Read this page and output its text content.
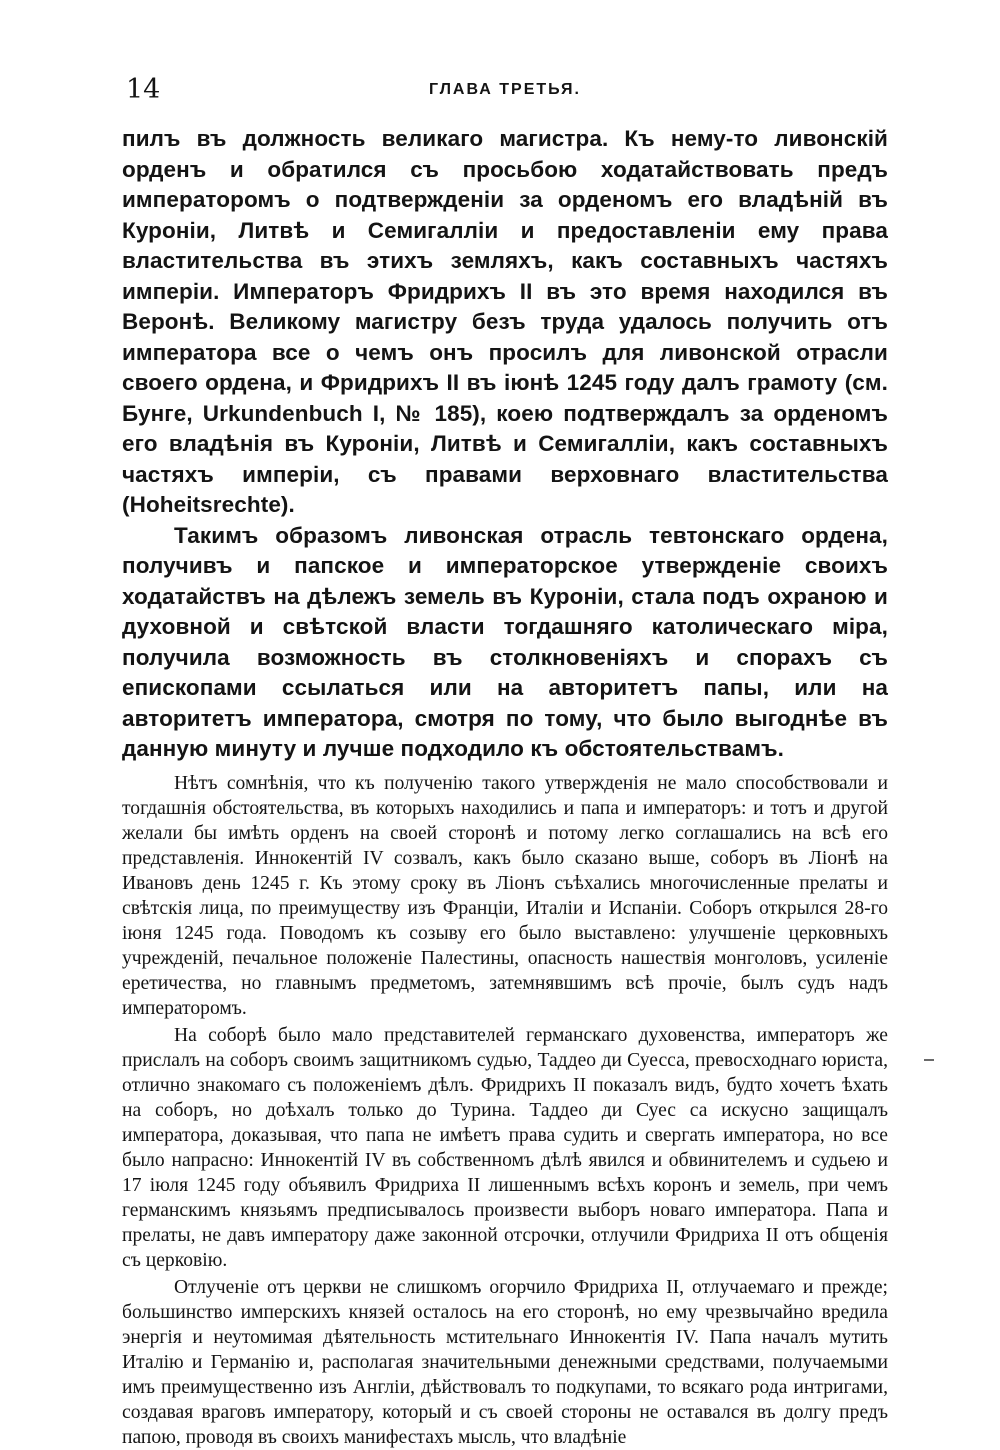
14	ГЛАВА ТРЕТЬЯ.

пилъ въ должность великаго магистра. Къ нему-то ливонскій орденъ и обратился съ просьбою ходатайствовать предъ императоромъ о подтвержденіи за орденомъ его владѣній въ Куроніи, Литвѣ и Семигалліи и предоставленіи ему права властительства въ этихъ земляхъ, какъ составныхъ частяхъ имперіи. Императоръ Фридрихъ II въ это время находился въ Веронѣ. Великому магистру безъ труда удалось получить отъ императора все о чемъ онъ просилъ для ливонской отрасли своего ордена, и Фридрихъ II въ іюнѣ 1245 году далъ грамоту (см. Бунге, Urkundenbuch I, № 185), коею подтверждалъ за орденомъ его владѣнія въ Куроніи, Литвѣ и Семигалліи, какъ составныхъ частяхъ имперіи, съ правами верховнаго властительства (Hoheitsrechte).

Такимъ образомъ ливонская отрасль тевтонскаго ордена, получивъ и папское и императорское утвержденіе своихъ ходатайствъ на дѣлежъ земель въ Куроніи, стала подъ охраною и духовной и свѣтской власти тогдашняго католическаго міра, получила возможность въ столкновеніяхъ и спорахъ съ епископами ссылаться или на авторитетъ папы, или на авторитетъ императора, смотря по тому, что было выгоднѣе въ данную минуту и лучше подходило къ обстоятельствамъ.

Нѣтъ сомнѣнія, что къ полученію такого утвержденія не мало способствовали и тогдашнія обстоятельства, въ которыхъ находились и папа и императоръ: и тотъ и другой желали бы имѣть орденъ на своей сторонѣ и потому легко соглашались на всѣ его представленія. Иннокентій IV созвалъ, какъ было сказано выше, соборъ въ Ліонѣ на Ивановъ день 1245 г. Къ этому сроку въ Ліонъ съѣхались многочисленные прелаты и свѣтскія лица, по преимуществу изъ Франціи, Италіи и Испаніи. Соборъ открылся 28-го іюня 1245 года. Поводомъ къ созыву его было выставлено: улучшеніе церковныхъ учрежденій, печальное положеніе Палестины, опасность нашествія монголовъ, усиленіе еретичества, но главнымъ предметомъ, затемнявшимъ всѣ прочіе, былъ судъ надъ императоромъ.

На соборѣ было мало представителей германскаго духовенства, императоръ же прислалъ на соборъ своимъ защитникомъ судью, Таддео ди Суесса, превосходнаго юриста, отлично знакомаго съ положеніемъ дѣлъ. Фридрихъ II показалъ видъ, будто хочетъ ѣхать на соборъ, но доѣхалъ только до Турина. Таддео ди Суес са искусно защищалъ императора, доказывая, что папа не имѣетъ права судить и свергать императора, но все было напрасно: Иннокентій IV въ собственномъ дѣлѣ явился и обвинителемъ и судьею и 17 іюля 1245 году объявилъ Фридриха II лишеннымъ всѣхъ коронъ и земель, при чемъ германскимъ князьямъ предписывалось произвести выборъ новаго императора. Папа и прелаты, не давъ императору даже законной отсрочки, отлучили Фридриха II отъ общенія съ церковію.

Отлученіе отъ церкви не слишкомъ огорчило Фридриха II, отлучаемаго и прежде; большинство имперскихъ князей осталось на его сторонѣ, но ему чрезвычайно вредила энергія и неутомимая дѣятельность мстительнаго Иннокентія IV. Папа началъ мутить Италію и Германію и, располагая значительными денежными средствами, получаемыми имъ преимущественно изъ Англіи, дѣйствовалъ то подкупами, то всякаго рода интригами, создавая враговъ императору, который и съ своей стороны не оставался въ долгу предъ папою, проводя въ своихъ манифестахъ мысль, что владѣніе
